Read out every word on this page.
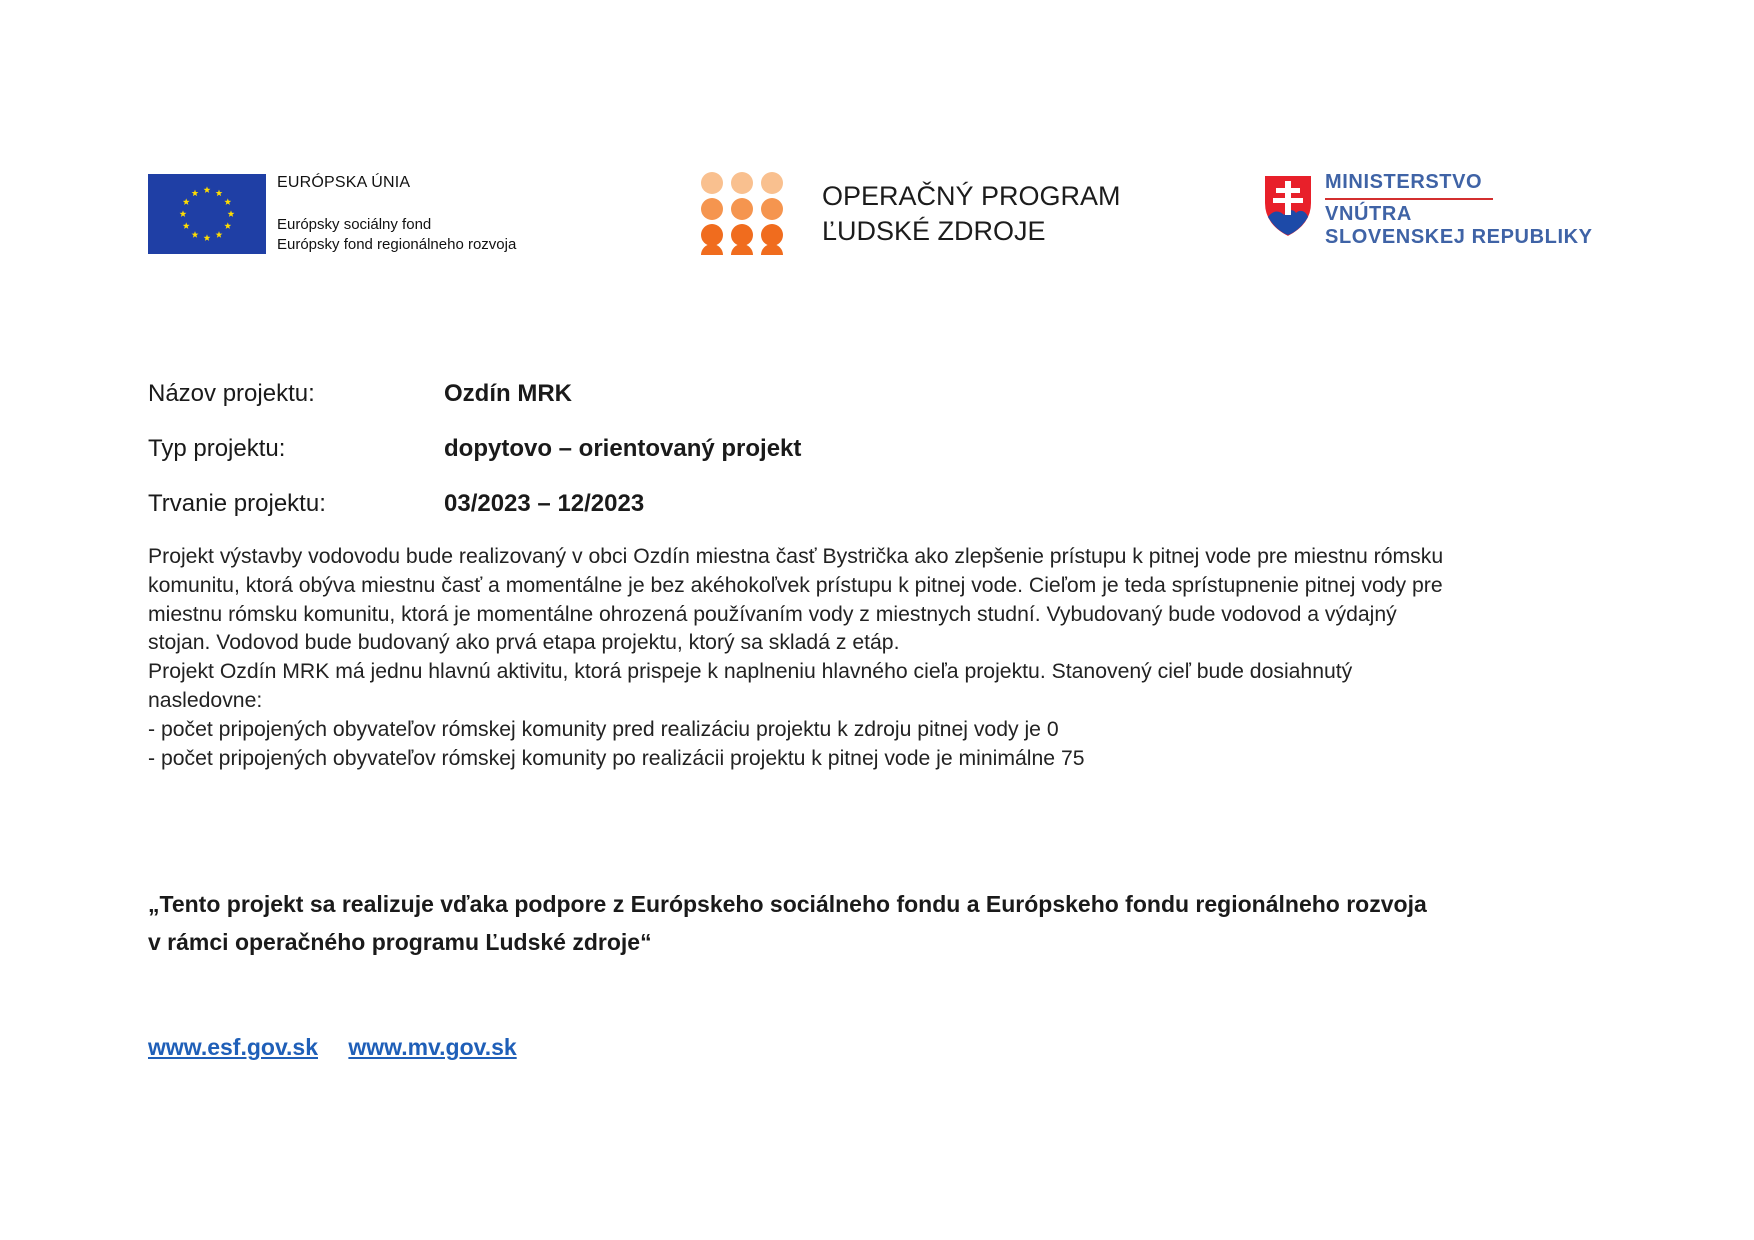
EURÓPSKA ÚNIA
Európsky sociálny fond
Európsky fond regionálneho rozvoja
OPERAČNÝ PROGRAM
ĽUDSKÉ ZDROJE
MINISTERSTVO
VNÚTRA
SLOVENSKEJ REPUBLIKY
Názov projektu:	Ozdín MRK
Typ projektu:	dopytovo – orientovaný projekt
Trvanie projektu:	03/2023 – 12/2023

Projekt výstavby vodovodu bude realizovaný v obci Ozdín miestna časť Bystrička ako zlepšenie prístupu k pitnej vode pre miestnu rómsku

komunitu, ktorá obýva miestnu časť a momentálne je bez akéhokoľvek prístupu k pitnej vode. Cieľom je teda sprístupnenie pitnej vody pre

miestnu rómsku komunitu, ktorá je momentálne ohrozená používaním vody z miestnych studní. Vybudovaný bude vodovod a výdajný

stojan. Vodovod bude budovaný ako prvá etapa projektu, ktorý sa skladá z etáp.

Projekt Ozdín MRK má jednu hlavnú aktivitu, ktorá prispeje k naplneniu hlavného cieľa projektu. Stanovený cieľ bude dosiahnutý

nasledovne:

- počet pripojených obyvateľov rómskej komunity pred realizáciu projektu k zdroju pitnej vody je 0

- počet pripojených obyvateľov rómskej komunity po realizácii projektu k pitnej vode je minimálne 75

„Tento projekt sa realizuje vďaka podpore z Európskeho sociálneho fondu a Európskeho fondu regionálneho rozvoja

v rámci operačného programu Ľudské zdroje“

www.esf.gov.sk www.mv.gov.sk
